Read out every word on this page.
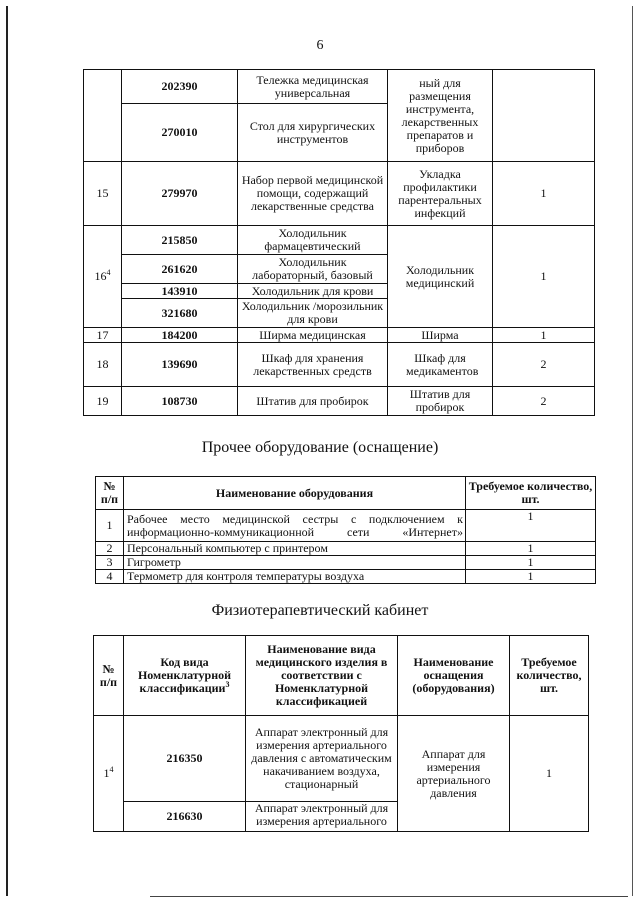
6
	202390	Тележка медицинская универсальная	ный для размещения инструмента, лекарственных препаратов и приборов	
	270010	Стол для хирургических инструментов		
15	279970	Набор первой медицинской помощи, содержащий лекарственные средства	Укладка профилактики парентеральных инфекций	1
$16^4$	215850	Холодильник фармацевтический	Холодильник медицинский	1
	261620	Холодильник лабораторный, базовый		
	143910	Холодильник для крови		
	321680	Холодильник /морозильник для крови		
17	184200	Ширма медицинская	Ширма	1
18	139690	Шкаф для хранения лекарственных средств	Шкаф для медикаментов	2
19	108730	Штатив для пробирок	Штатив для пробирок	2
Прочее оборудование (оснащение)
№ п/п	Наименование оборудования	Требуемое количество, шт.
1	Рабочее место медицинской сестры с подключением к информационно-коммуникационной сети «Интернет»	1
2	Персональный компьютер с принтером	1
3	Гигрометр	1
4	Термометр для контроля температуры воздуха	1
Физиотерапевтический кабинет
№ п/п	Код вида Номенклатурной классификации$^3$	Наименование вида медицинского изделия в соответствии с Номенклатурной классификацией	Наименование оснащения (оборудования)	Требуемое количество, шт.
$1^4$	216350	Аппарат электронный для измерения артериального давления с автоматическим накачиванием воздуха, стационарный	Аппарат для измерения артериального давления	1
	216630	Аппарат электронный для измерения артериального		
